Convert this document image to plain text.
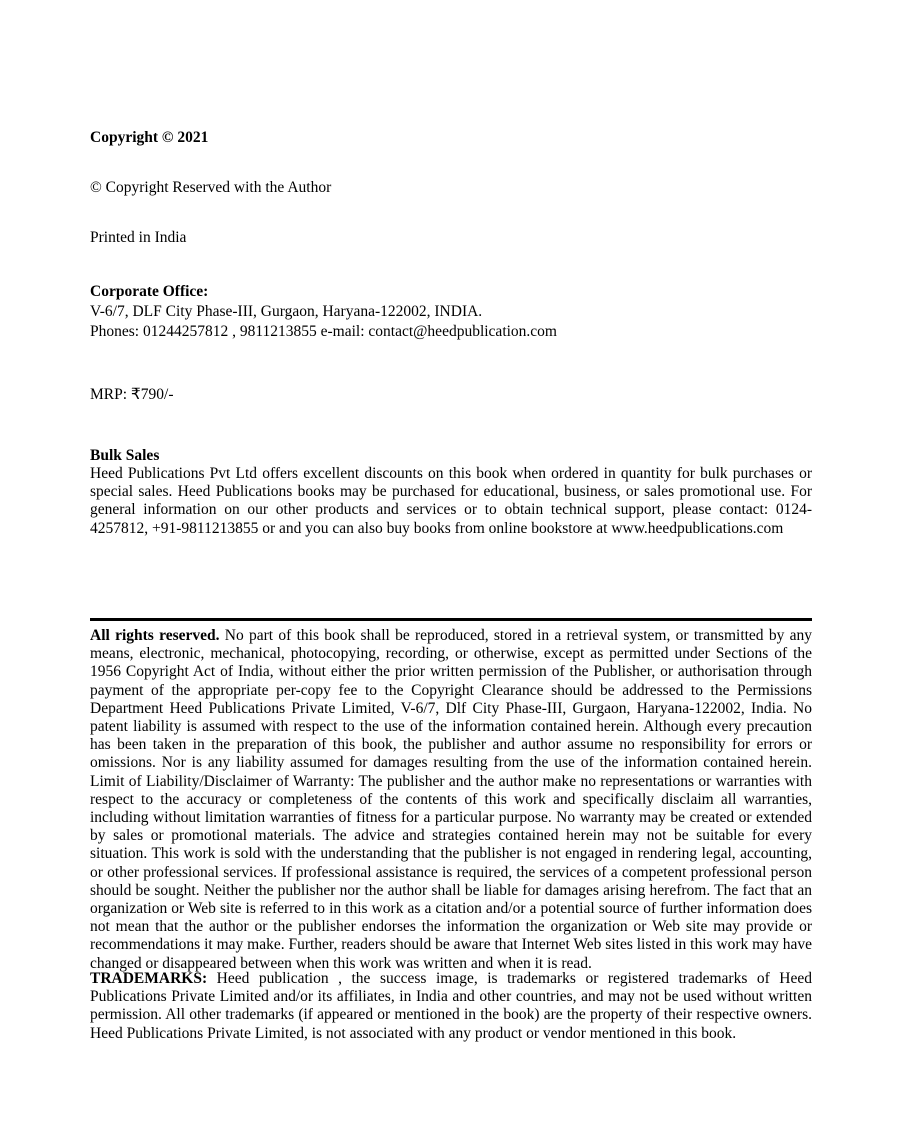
Copyright © 2021
© Copyright Reserved with the Author
Printed in India
Corporate Office:
V-6/7, DLF City Phase-III, Gurgaon, Haryana-122002, INDIA.
Phones: 01244257812 , 9811213855 e-mail: contact@heedpublication.com
MRP: ₹790/-
Bulk Sales
Heed Publications Pvt Ltd offers excellent discounts on this book when ordered in quantity for bulk purchases or special sales. Heed Publications books may be purchased for educational, business, or sales promotional use. For general information on our other products and services or to obtain technical support, please contact: 0124-4257812, +91-9811213855 or and you can also buy books from online bookstore at www.heedpublications.com
All rights reserved. No part of this book shall be reproduced, stored in a retrieval system, or transmitted by any means, electronic, mechanical, photocopying, recording, or otherwise, except as permitted under Sections of the 1956 Copyright Act of India, without either the prior written permission of the Publisher, or authorisation through payment of the appropriate per-copy fee to the Copyright Clearance should be addressed to the Permissions Department Heed Publications Private Limited, V-6/7, Dlf City Phase-III, Gurgaon, Haryana-122002, India. No patent liability is assumed with respect to the use of the information contained herein. Although every precaution has been taken in the preparation of this book, the publisher and author assume no responsibility for errors or omissions. Nor is any liability assumed for damages resulting from the use of the information contained herein. Limit of Liability/Disclaimer of Warranty: The publisher and the author make no representations or warranties with respect to the accuracy or completeness of the contents of this work and specifically disclaim all warranties, including without limitation warranties of fitness for a particular purpose. No warranty may be created or extended by sales or promotional materials. The advice and strategies contained herein may not be suitable for every situation. This work is sold with the understanding that the publisher is not engaged in rendering legal, accounting, or other professional services. If professional assistance is required, the services of a competent professional person should be sought. Neither the publisher nor the author shall be liable for damages arising herefrom. The fact that an organization or Web site is referred to in this work as a citation and/or a potential source of further information does not mean that the author or the publisher endorses the information the organization or Web site may provide or recommendations it may make. Further, readers should be aware that Internet Web sites listed in this work may have changed or disappeared between when this work was written and when it is read.
TRADEMARKS: Heed publication , the success image, is trademarks or registered trademarks of Heed Publications Private Limited and/or its affiliates, in India and other countries, and may not be used without written permission. All other trademarks (if appeared or mentioned in the book) are the property of their respective owners. Heed Publications Private Limited, is not associated with any product or vendor mentioned in this book.
